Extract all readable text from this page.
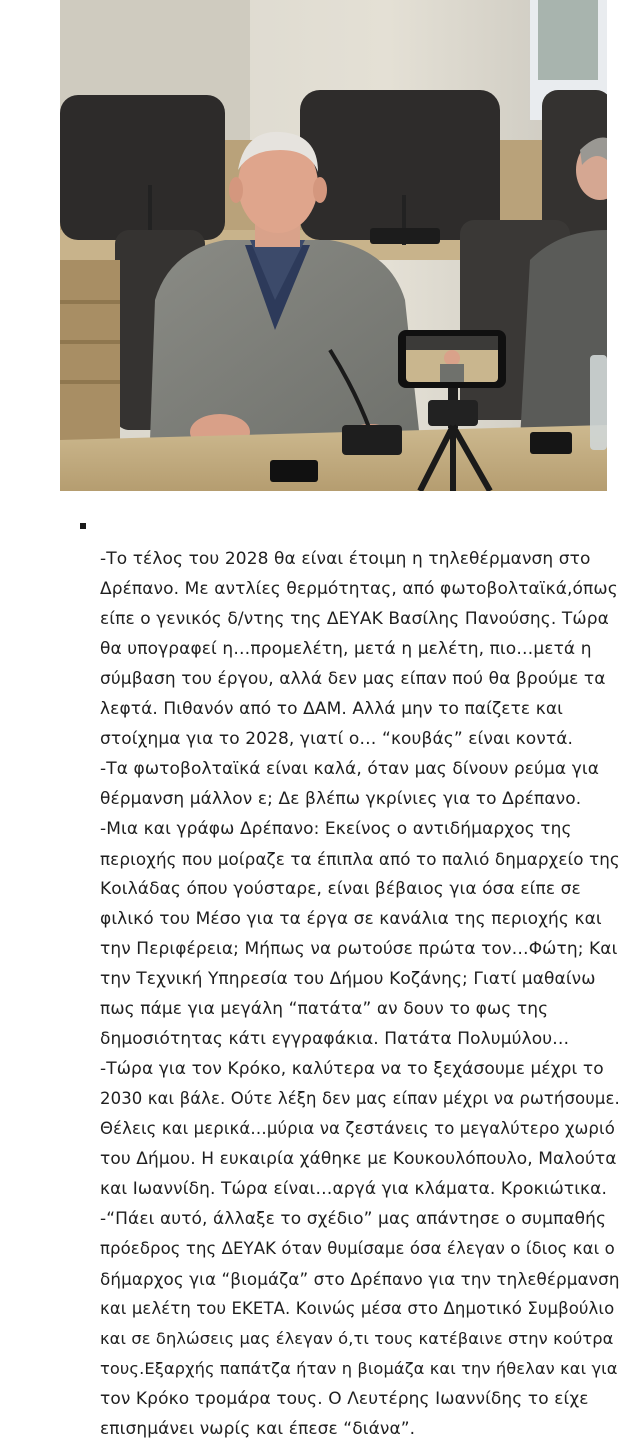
-Το τέλος του 2028 θα είναι έτοιμη η τηλεθέρμανση στο
Δρέπανο. Με αντλίες θερμότητας, από φωτοβολταϊκά,όπως
είπε ο γενικός δ/ντης της ΔΕΥΑΚ Βασίλης Πανούσης. Τώρα
θα υπογραφεί η…προμελέτη, μετά η μελέτη, πιο…μετά η
σύμβαση του έργου, αλλά δεν μας είπαν πού θα βρούμε τα
λεφτά. Πιθανόν από το ΔΑΜ. Αλλά μην το παίζετε και
στοίχημα για το 2028, γιατί ο… “κουβάς” είναι κοντά.

-Τα φωτοβολταϊκά είναι καλά, όταν μας δίνουν ρεύμα για
θέρμανση μάλλον ε; Δε βλέπω γκρίνιες για το Δρέπανο.

-Μια και γράφω Δρέπανο: Εκείνος ο αντιδήμαρχος της
περιοχής που μοίραζε τα έπιπλα από το παλιό δημαρχείο της
Κοιλάδας όπου γούσταρε, είναι βέβαιος για όσα είπε σε
φιλικό του Μέσο για τα έργα σε κανάλια της περιοχής και
την Περιφέρεια; Μήπως να ρωτούσε πρώτα τον…Φώτη; Και
την Τεχνική Υπηρεσία του Δήμου Κοζάνης; Γιατί μαθαίνω
πως πάμε για μεγάλη “πατάτα” αν δουν το φως της
δημοσιότητας κάτι εγγραφάκια. Πατάτα Πολυμύλου…

-Τώρα για τον Κρόκο, καλύτερα να το ξεχάσουμε μέχρι το
2030 και βάλε. Ούτε λέξη δεν μας είπαν μέχρι να ρωτήσουμε.
Θέλεις και μερικά…μύρια να ζεστάνεις το μεγαλύτερο χωριό
του Δήμου. Η ευκαιρία χάθηκε με Κουκουλόπουλο, Μαλούτα
και Ιωαννίδη. Τώρα είναι…αργά για κλάματα. Κροκιώτικα.

-“Πάει αυτό, άλλαξε το σχέδιο” μας απάντησε ο συμπαθής
πρόεδρος της ΔΕΥΑΚ όταν θυμίσαμε όσα έλεγαν ο ίδιος και ο
δήμαρχος για “βιομάζα” στο Δρέπανο για την τηλεθέρμανση
και μελέτη του ΕΚΕΤΑ. Κοινώς μέσα στο Δημοτικό Συμβούλιο
και σε δηλώσεις μας έλεγαν ό,τι τους κατέβαινε στην κούτρα
τους.Εξαρχής παπάτζα ήταν η βιομάζα και την ήθελαν και για
τον Κρόκο τρομάρα τους. Ο Λευτέρης Ιωαννίδης το είχε
επισημάνει νωρίς και έπεσε “διάνα”.
